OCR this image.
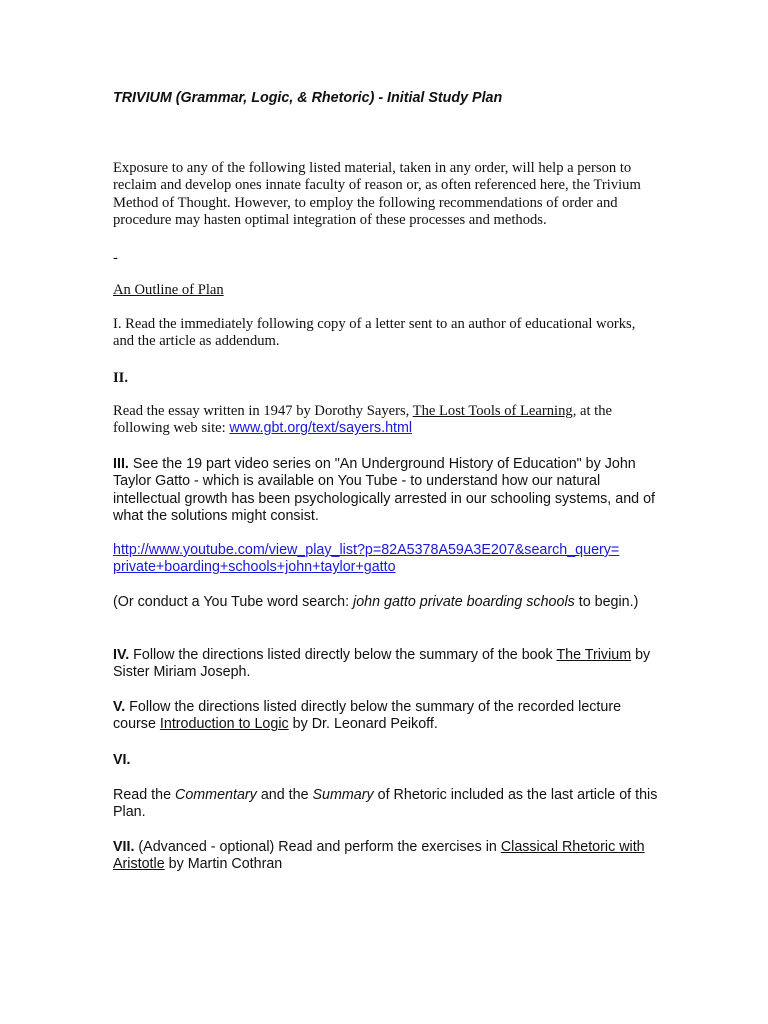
TRIVIUM (Grammar, Logic, & Rhetoric) - Initial Study Plan

Exposure to any of the following listed material, taken in any order, will help a person to reclaim and develop ones innate faculty of reason or, as often referenced here, the Trivium Method of Thought. However, to employ the following recommendations of order and procedure may hasten optimal integration of these processes and methods.

-

An Outline of Plan

I. Read the immediately following copy of a letter sent to an author of educational works, and the article as addendum.

II.

Read the essay written in 1947 by Dorothy Sayers, The Lost Tools of Learning, at the following web site: www.gbt.org/text/sayers.html

III. See the 19 part video series on "An Underground History of Education" by John Taylor Gatto - which is available on You Tube - to understand how our natural intellectual growth has been psychologically arrested in our schooling systems, and of what the solutions might consist.

http://www.youtube.com/view_play_list?p=82A5378A59A3E207&search_query=
private+boarding+schools+john+taylor+gatto

(Or conduct a You Tube word search: john gatto private boarding schools to begin.)

IV. Follow the directions listed directly below the summary of the book The Trivium by Sister Miriam Joseph.

V. Follow the directions listed directly below the summary of the recorded lecture course Introduction to Logic by Dr. Leonard Peikoff.

VI.

Read the Commentary and the Summary of Rhetoric included as the last article of this Plan.

VII. (Advanced - optional) Read and perform the exercises in Classical Rhetoric with Aristotle by Martin Cothran
